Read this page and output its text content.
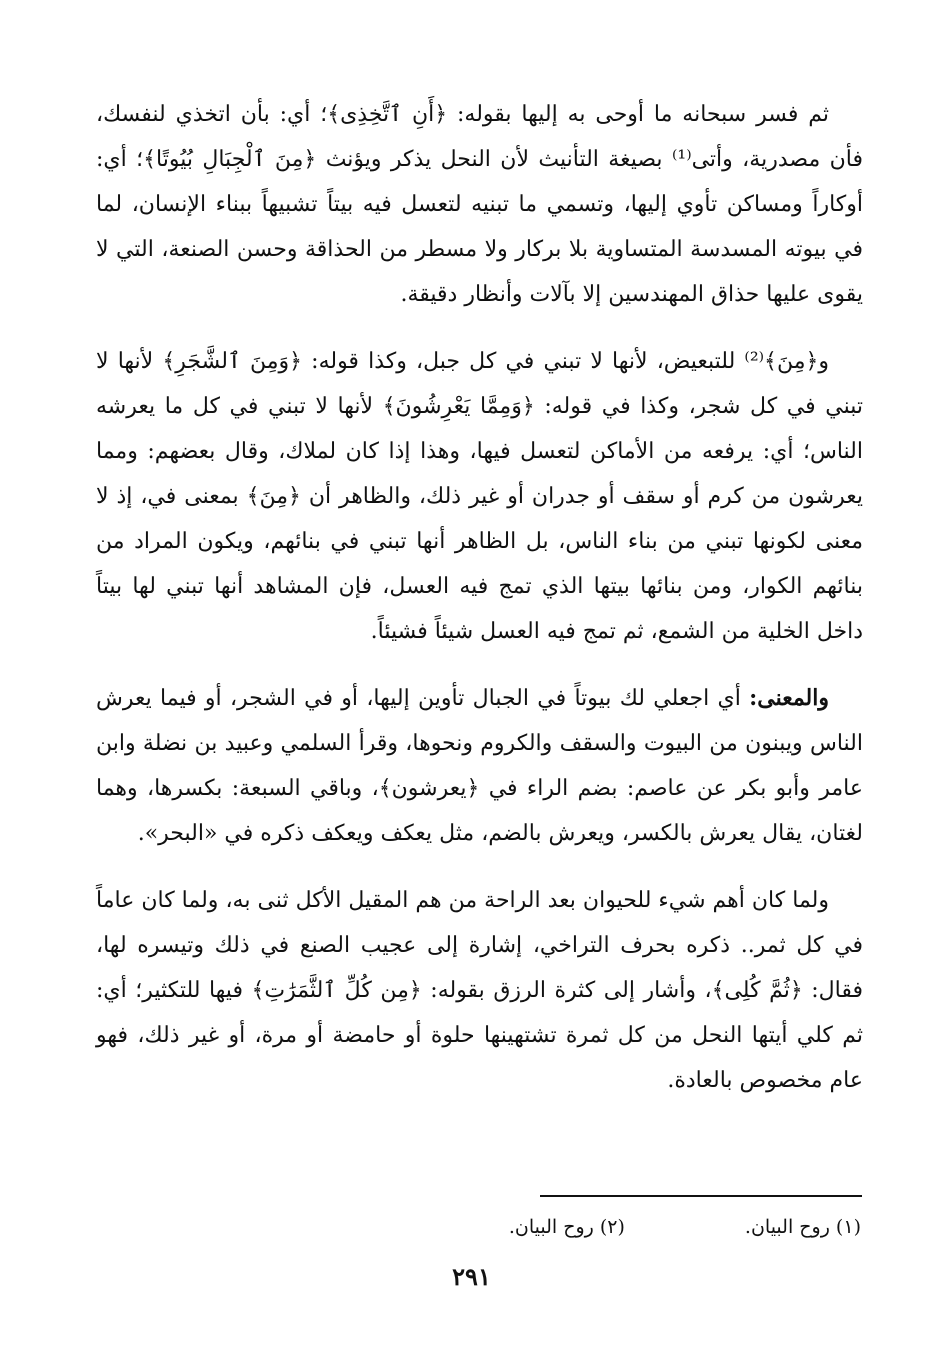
ثم فسر سبحانه ما أوحى به إليها بقوله: ﴿أَنِ ٱتَّخِذِى﴾؛ أي: بأن اتخذي لنفسك، فأن مصدرية، وأتى⁽¹⁾ بصيغة التأنيث لأن النحل يذكر ويؤنث ﴿مِنَ ٱلْجِبَالِ بُيُوتًا﴾؛ أي: أوكاراً ومساكن تأوي إليها، وتسمي ما تبنيه لتعسل فيه بيتاً تشبيهاً ببناء الإنسان، لما في بيوته المسدسة المتساوية بلا بركار ولا مسطر من الحذاقة وحسن الصنعة، التي لا يقوى عليها حذاق المهندسين إلا بآلات وأنظار دقيقة.

و﴿مِنَ﴾⁽²⁾ للتبعيض، لأنها لا تبني في كل جبل، وكذا قوله: ﴿وَمِنَ ٱلشَّجَرِ﴾ لأنها لا تبني في كل شجر، وكذا في قوله: ﴿وَمِمَّا يَعْرِشُونَ﴾ لأنها لا تبني في كل ما يعرشه الناس؛ أي: يرفعه من الأماكن لتعسل فيها، وهذا إذا كان لملاك، وقال بعضهم: ومما يعرشون من كرم أو سقف أو جدران أو غير ذلك، والظاهر أن ﴿مِنَ﴾ بمعنى في، إذ لا معنى لكونها تبني من بناء الناس، بل الظاهر أنها تبني في بنائهم، ويكون المراد من بنائهم الكوار، ومن بنائها بيتها الذي تمج فيه العسل، فإن المشاهد أنها تبني لها بيتاً داخل الخلية من الشمع، ثم تمج فيه العسل شيئاً فشيئاً.

والمعنى: أي اجعلي لك بيوتاً في الجبال تأوين إليها، أو في الشجر، أو فيما يعرش الناس ويبنون من البيوت والسقف والكروم ونحوها، وقرأ السلمي وعبيد بن نضلة وابن عامر وأبو بكر عن عاصم: بضم الراء في ﴿يعرشون﴾، وباقي السبعة: بكسرها، وهما لغتان، يقال يعرش بالكسر، ويعرش بالضم، مثل يعكف ويعكف ذكره في «البحر».

ولما كان أهم شيء للحيوان بعد الراحة من هم المقيل الأكل ثنى به، ولما كان عاماً في كل ثمر.. ذكره بحرف التراخي، إشارة إلى عجيب الصنع في ذلك وتيسره لها، فقال: ﴿ثُمَّ كُلِى﴾، وأشار إلى كثرة الرزق بقوله: ﴿مِن كُلِّ ٱلثَّمَرَٰتِ﴾ فيها للتكثير؛ أي: ثم كلي أيتها النحل من كل ثمرة تشتهينها حلوة أو حامضة أو مرة، أو غير ذلك، فهو عام مخصوص بالعادة.

(١) روح البيان.
(٢) روح البيان.
٢٩١
